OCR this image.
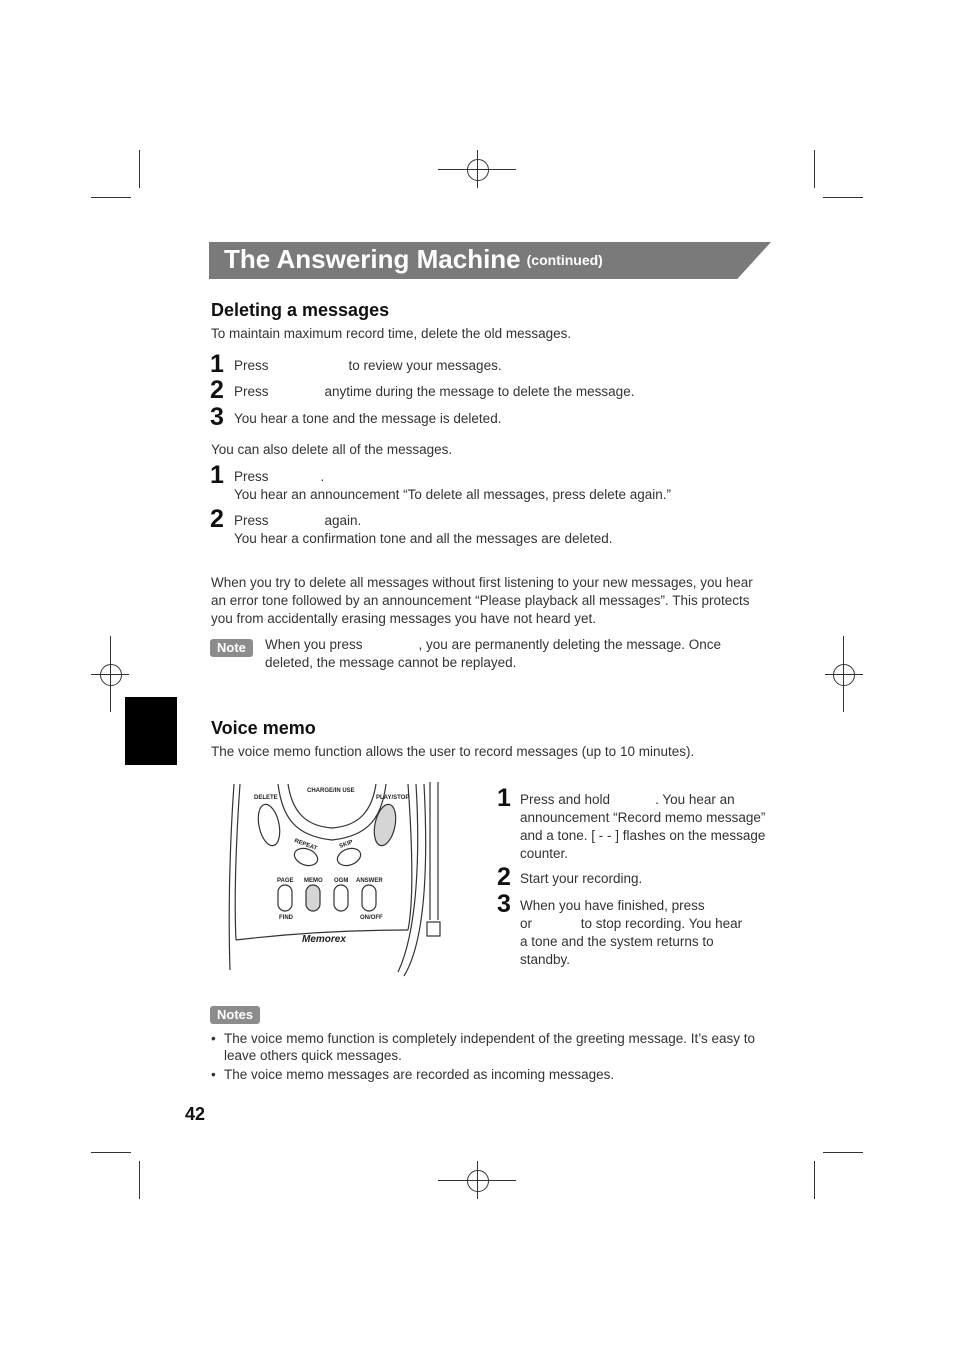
The Answering Machine (continued)
Deleting a messages
To maintain maximum record time, delete the old messages.
1 Press	to review your messages.
2 Press	anytime during the message to delete the message.
3 You hear a tone and the message is deleted.
You can also delete all of the messages.
1 Press	.
You hear an announcement “To delete all messages, press delete again.”
2 Press	again.
You hear a confirmation tone and all the messages are deleted.
When you try to delete all messages without first listening to your new messages, you hear an error tone followed by an announcement “Please playback all messages”. This protects you from accidentally erasing messages you have not heard yet.
Note	When you press	, you are permanently deleting the message. Once deleted, the message cannot be replayed.
Voice memo
The voice memo function allows the user to record messages (up to 10 minutes).
DELETE
CHARGE/IN USE
PLAY/STOP
REPEAT	SKIP
PAGE MEMO OGM ANSWER
FIND	ON/OFF
Memorex
1 Press and hold            . You hear an announcement “Record memo message” and a tone. [ - - ] flashes on the message counter.
2 Start your recording.
3 When you have finished, press                  or             to stop recording. You hear a tone and the system returns to standby.
Notes
• The voice memo function is completely independent of the greeting message. It’s easy to leave others quick messages.
• The voice memo messages are recorded as incoming messages.
42
